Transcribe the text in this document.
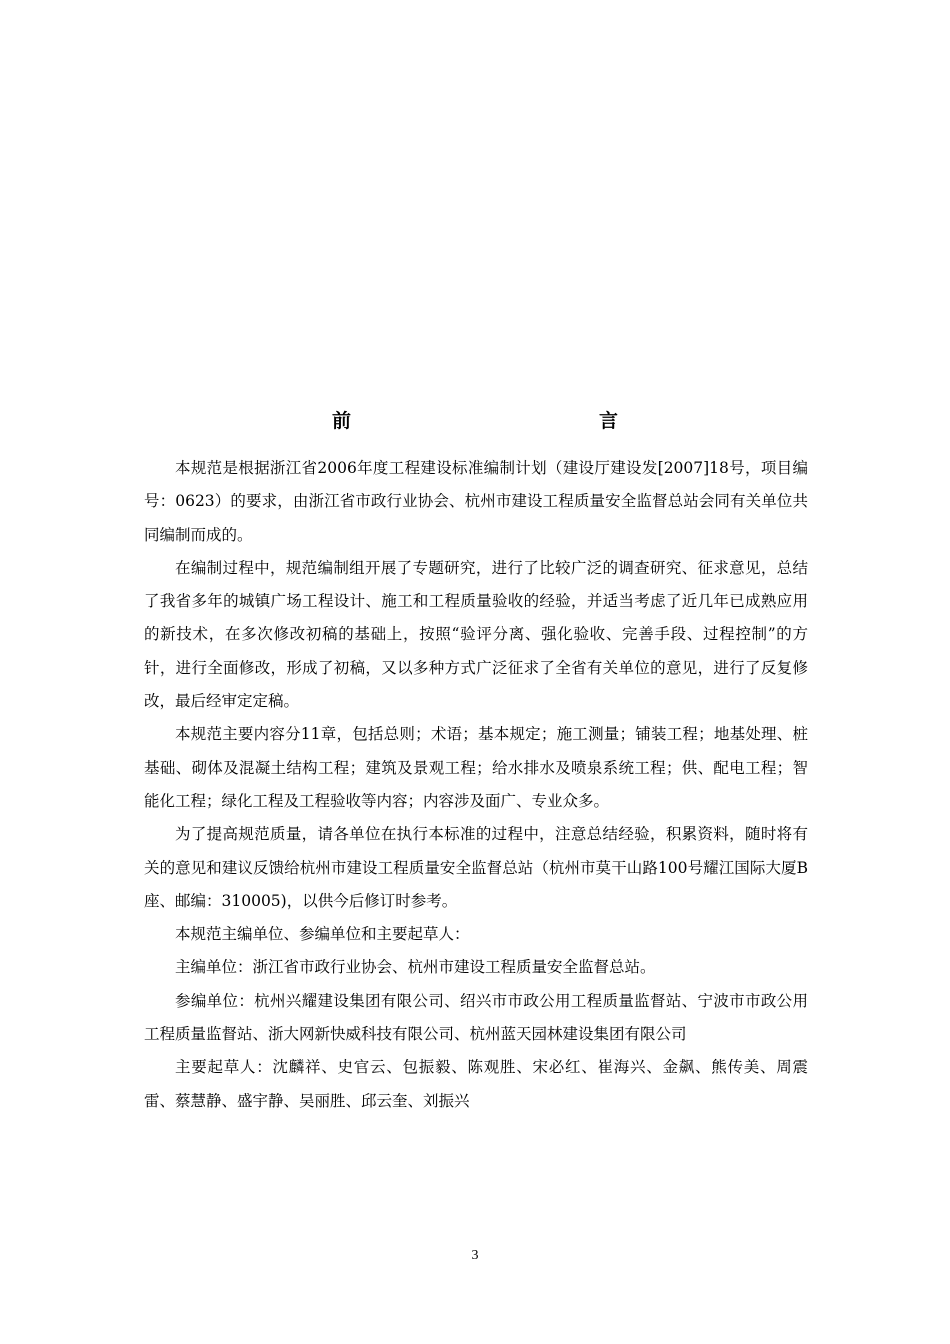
前　　言

本规范是根据浙江省2006年度工程建设标准编制计划（建设厅建设发[2007]18号，项目编号：0623）的要求，由浙江省市政行业协会、杭州市建设工程质量安全监督总站会同有关单位共同编制而成的。

在编制过程中，规范编制组开展了专题研究，进行了比较广泛的调查研究、征求意见，总结了我省多年的城镇广场工程设计、施工和工程质量验收的经验，并适当考虑了近几年已成熟应用的新技术，在多次修改初稿的基础上，按照“验评分离、强化验收、完善手段、过程控制”的方针，进行全面修改，形成了初稿，又以多种方式广泛征求了全省有关单位的意见，进行了反复修改，最后经审定定稿。

本规范主要内容分11章，包括总则；术语；基本规定；施工测量；铺装工程；地基处理、桩基础、砌体及混凝土结构工程；建筑及景观工程；给水排水及喷泉系统工程；供、配电工程；智能化工程；绿化工程及工程验收等内容；内容涉及面广、专业众多。

为了提高规范质量，请各单位在执行本标准的过程中，注意总结经验，积累资料，随时将有关的意见和建议反馈给杭州市建设工程质量安全监督总站（杭州市莫干山路100号耀江国际大厦B座、邮编：310005)，以供今后修订时参考。

本规范主编单位、参编单位和主要起草人：

主编单位：浙江省市政行业协会、杭州市建设工程质量安全监督总站。

参编单位：杭州兴耀建设集团有限公司、绍兴市市政公用工程质量监督站、宁波市市政公用工程质量监督站、浙大网新快威科技有限公司、杭州蓝天园林建设集团有限公司

主要起草人：沈麟祥、史官云、包振毅、陈观胜、宋必红、崔海兴、金飙、熊传美、周震雷、蔡慧静、盛宇静、吴丽胜、邱云奎、刘振兴

3
